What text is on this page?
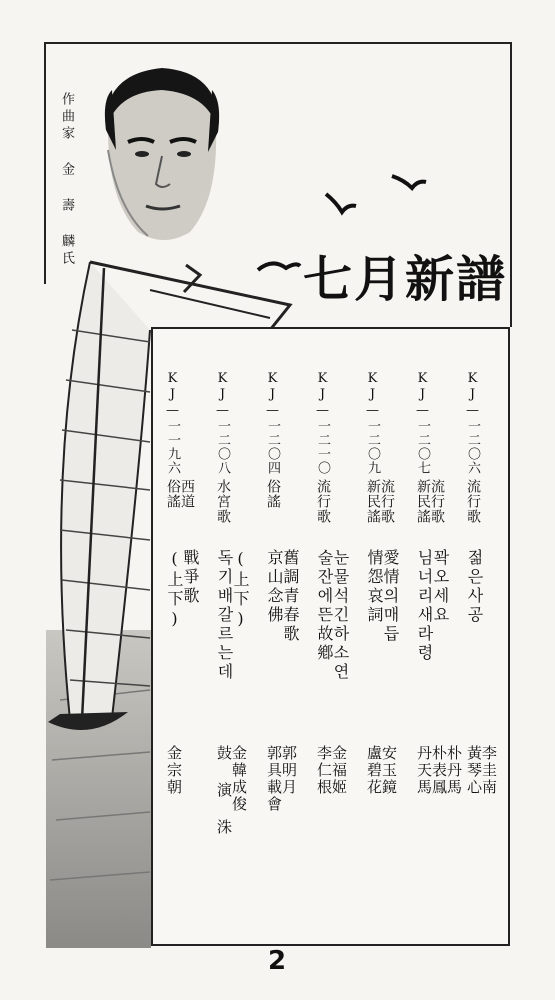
作曲家 金 壽 麟氏
七月新譜
KJ—一二〇六
流行歌
젊은사공
李圭南
黃琴心
KJ—一二〇七
流行歌
新民謠
꽉오세요
님너리새라령
朴丹馬
朴表鳳
丹天馬
KJ—一二〇九
流行歌
新民謠
愛情의매듭
情怨哀詞
安玉鏡
盧碧花
KJ—一二一〇
流行歌
눈물석긴하소연
술잔에뜬故鄕
金福姬
李仁根
KJ—一二〇四
俗謠
舊調青春歌
京山念佛
郭明月
郭具載會
KJ—一二〇八
水宮歌
(上下)
독기배갈르는데
金韓成俊
鼓 演 洙
KJ—一一九六
西道
俗謠
戰爭歌
(上下)
金宗朝
2
